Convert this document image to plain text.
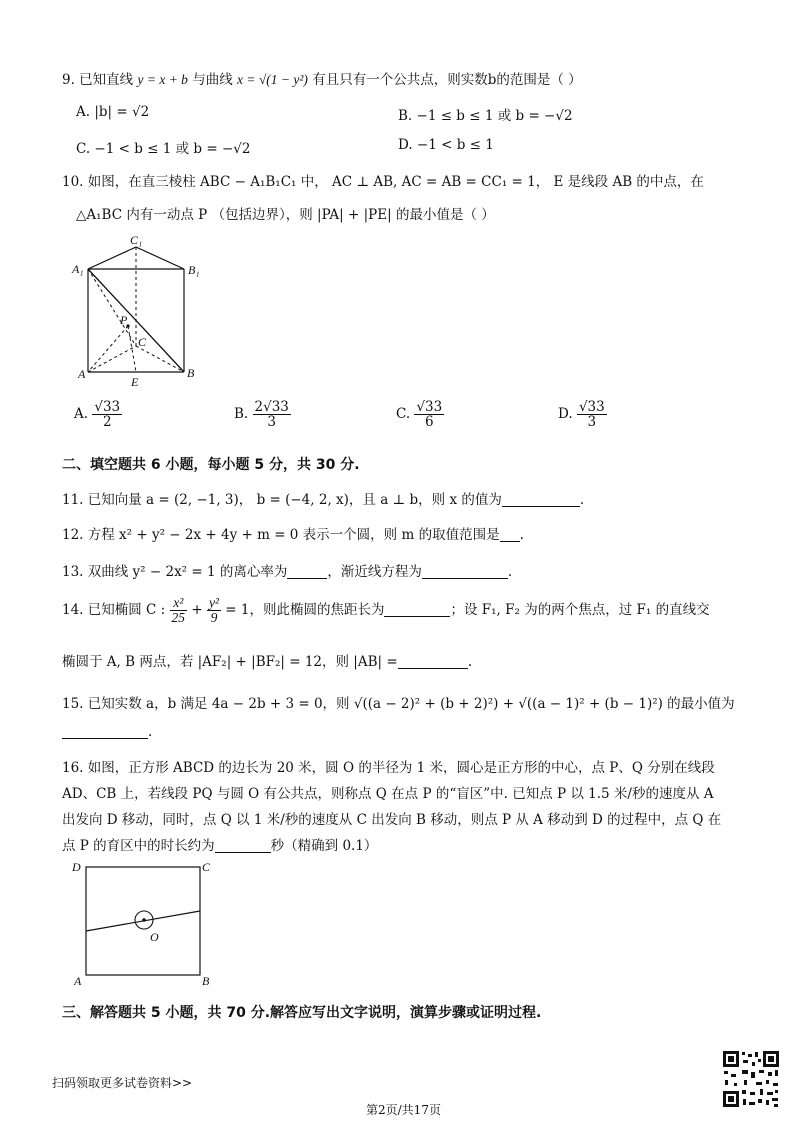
9. 已知直线 y = x + b 与曲线 x = √(1 − y²) 有且只有一个公共点，则实数b的范围是（ ）
A. |b| = √2	B. −1 ≤ b ≤ 1 或 b = −√2
C. −1 < b ≤ 1 或 b = −√2	D. −1 < b ≤ 1
10. 如图，在直三棱柱 ABC − A₁B₁C₁ 中， AC ⊥ AB, AC = AB = CC₁ = 1， E 是线段 AB 的中点，在
△A₁BC 内有一动点 P （包括边界），则 |PA| + |PE| 的最小值是（ ）
C₁
A₁	B₁
P
C
A
E
B
A. $\frac{√33}{2}$	B. $\frac{2√33}{3}$	C. $\frac{√33}{6}$	D. $\frac{√33}{3}$
二、填空题共 6 小题，每小题 5 分，共 30 分.
11. 已知向量 a = (2, −1, 3)， b = (−4, 2, x)，且 a ⊥ b，则 x 的值为	.
12. 方程 x² + y² − 2x + 4y + m = 0 表示一个圆，则 m 的取值范围是 .
13. 双曲线 y² − 2x² = 1 的离心率为	，渐近线方程为	.
14. 已知椭圆 C : $\frac{\text{x²}}{25} + \frac{\text{y²}}{9} = 1$，则此椭圆的焦距长为	；设 F₁, F₂ 为的两个焦点，过 F₁ 的直线交
椭圆于 A, B 两点，若 |AF₂| + |BF₂| = 12，则 |AB| =	.
15. 已知实数 a，b 满足 4a − 2b + 3 = 0，则 √((a − 2)² + (b + 2)²) + √((a − 1)² + (b − 1)²) 的最小值为
.
16. 如图，正方形 ABCD 的边长为 20 米，圆 O 的半径为 1 米，圆心是正方形的中心，点 P、Q 分别在线段
AD、CB 上，若线段 PQ 与圆 O 有公共点，则称点 Q 在点 P 的“盲区”中. 已知点 P 以 1.5 米/秒的速度从 A
出发向 D 移动，同时，点 Q 以 1 米/秒的速度从 C 出发向 B 移动，则点 P 从 A 移动到 D 的过程中，点 Q 在
点 P 的育区中的时长约为	秒（精确到 0.1）
D	C
A	B
O
三、解答题共 5 小题，共 70 分.解答应写出文字说明，演算步骤或证明过程.
扫码领取更多试卷资料>>
第2页/共17页
